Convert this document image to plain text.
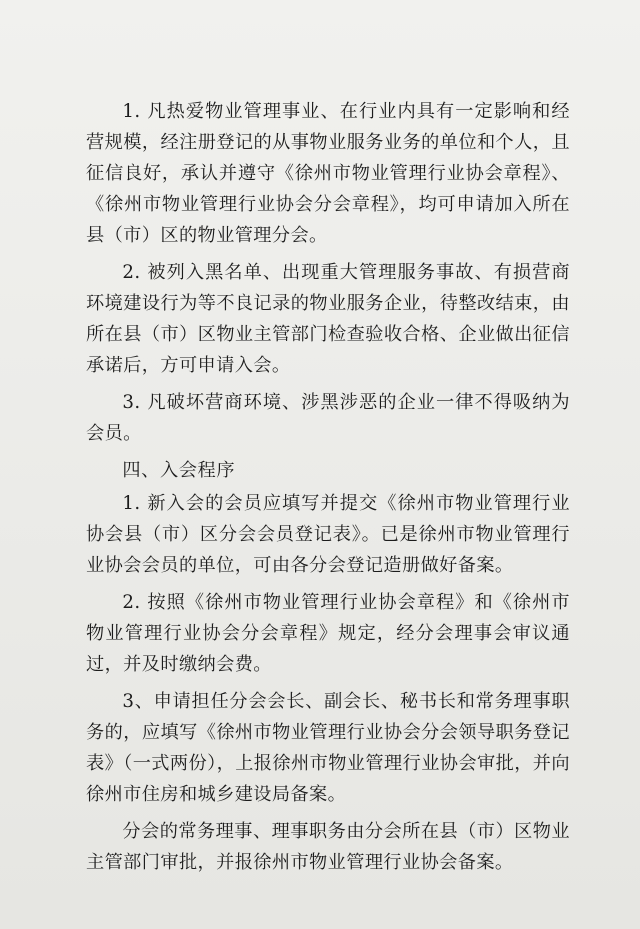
1. 凡热爱物业管理事业、在行业内具有一定影响和经营规模，经注册登记的从事物业服务业务的单位和个人，且征信良好，承认并遵守《徐州市物业管理行业协会章程》、《徐州市物业管理行业协会分会章程》，均可申请加入所在县（市）区的物业管理分会。

2. 被列入黑名单、出现重大管理服务事故、有损营商环境建设行为等不良记录的物业服务企业，待整改结束，由所在县（市）区物业主管部门检查验收合格、企业做出征信承诺后，方可申请入会。

3. 凡破坏营商环境、涉黑涉恶的企业一律不得吸纳为会员。

四、入会程序

1. 新入会的会员应填写并提交《徐州市物业管理行业协会县（市）区分会会员登记表》。已是徐州市物业管理行业协会会员的单位，可由各分会登记造册做好备案。

2. 按照《徐州市物业管理行业协会章程》和《徐州市物业管理行业协会分会章程》规定，经分会理事会审议通过，并及时缴纳会费。

3、申请担任分会会长、副会长、秘书长和常务理事职务的，应填写《徐州市物业管理行业协会分会领导职务登记表》（一式两份），上报徐州市物业管理行业协会审批，并向徐州市住房和城乡建设局备案。

分会的常务理事、理事职务由分会所在县（市）区物业主管部门审批，并报徐州市物业管理行业协会备案。
